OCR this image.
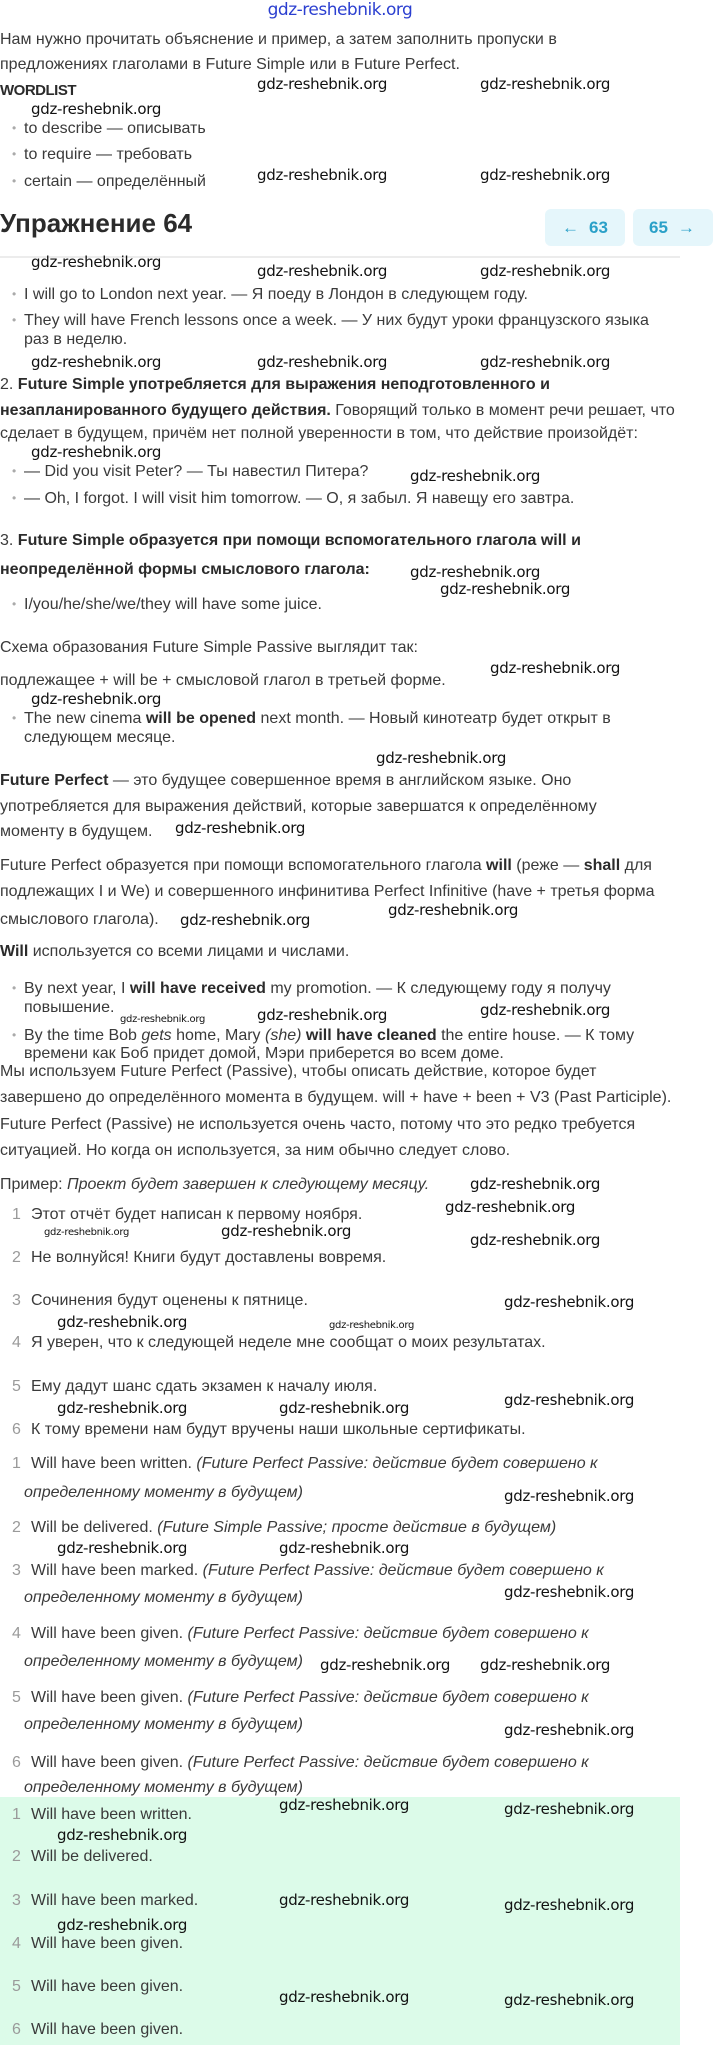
gdz-reshebnik.org
Упражнение 64	← 63 65 →
Нам нужно прочитать объяснение и пример, а затем заполнить пропуски в
предложениях глаголами в Future Simple или в Future Perfect.
WORDLIST
• to describe — описывать
• to require — требовать
• certain — определённый
• I will go to London next year. — Я поеду в Лондон в следующем году.
• They will have French lessons once a week. — У них будут уроки французского языка
раз в неделю.
2. Future Simple употребляется для выражения неподготовленного и
незапланированного будущего действия. Говорящий только в момент речи решает, что
сделает в будущем, причём нет полной уверенности в том, что действие произойдёт:
• — Did you visit Peter? — Ты навестил Питера?
• — Oh, I forgot. I will visit him tomorrow. — О, я забыл. Я навещу его завтра.
3. Future Simple образуется при помощи вспомогательного глагола will и
неопределённой формы смыслового глагола:
• I/you/he/she/we/they will have some juice.
Схема образования Future Simple Passive выглядит так:
подлежащее + will be + смысловой глагол в третьей форме.
• The new cinema will be opened next month. — Новый кинотеатр будет открыт в
следующем месяце.
Future Perfect — это будущее совершенное время в английском языке. Оно
употребляется для выражения действий, которые завершатся к определённому
моменту в будущем.
Future Perfect образуется при помощи вспомогательного глагола will (реже — shall для
подлежащих I и We) и совершенного инфинитива Perfect Infinitive (have + третья форма
смыслового глагола).
Will используется со всеми лицами и числами.
• By next year, I will have received my promotion. — К следующему году я получу
повышение.
• By the time Bob gets home, Mary (she) will have cleaned the entire house. — К тому
времени как Боб придет домой, Мэри приберется во всем доме.
Мы используем Future Perfect (Passive), чтобы описать действие, которое будет
завершено до определённого момента в будущем. will + have + been + V3 (Past Participle).
Future Perfect (Passive) не используется очень часто, потому что это редко требуется
ситуацией. Но когда он используется, за ним обычно следует слово.
Пример: Проект будет завершен к следующему месяцу.
1 Этот отчёт будет написан к первому ноября.
2 Не волнуйся! Книги будут доставлены вовремя.
3 Сочинения будут оценены к пятнице.
4 Я уверен, что к следующей неделе мне сообщат о моих результатах.
5 Ему дадут шанс сдать экзамен к началу июля.
6 К тому времени нам будут вручены наши школьные сертификаты.
1 Will have been written. (Future Perfect Passive: действие будет совершено к
определенному моменту в будущем)
2 Will be delivered. (Future Simple Passive; просте действие в будущем)
3 Will have been marked. (Future Perfect Passive: действие будет совершено к
определенному моменту в будущем)
4 Will have been given. (Future Perfect Passive: действие будет совершено к
определенному моменту в будущем)
5 Will have been given. (Future Perfect Passive: действие будет совершено к
определенному моменту в будущем)
6 Will have been given. (Future Perfect Passive: действие будет совершено к
определенному моменту в будущем)
1 Will have been written.
2 Will be delivered.
3 Will have been marked.
4 Will have been given.
5 Will have been given.
6 Will have been given.
gdz-reshebnik.org	gdz-reshebnik.org
gdz-reshebnik.org
gdz-reshebnik.org	gdz-reshebnik.org
gdz-reshebnik.org	gdz-reshebnik.org	gdz-reshebnik.org
gdz-reshebnik.org	gdz-reshebnik.org	gdz-reshebnik.org
gdz-reshebnik.org
gdz-reshebnik.org
gdz-reshebnik.org
gdz-reshebnik.org
gdz-reshebnik.org
gdz-reshebnik.org
gdz-reshebnik.org
gdz-reshebnik.org
gdz-reshebnik.org
gdz-reshebnik.org
gdz-reshebnik.org	gdz-reshebnik.org	gdz-reshebnik.org
gdz-reshebnik.org
gdz-reshebnik.org
gdz-reshebnik.org
gdz-reshebnik.org	gdz-reshebnik.org
gdz-reshebnik.org
gdz-reshebnik.org	gdz-reshebnik.org
gdz-reshebnik.org
gdz-reshebnik.org	gdz-reshebnik.org
gdz-reshebnik.org
gdz-reshebnik.org	gdz-reshebnik.org
gdz-reshebnik.org
gdz-reshebnik.org gdz-reshebnik.org
gdz-reshebnik.org
gdz-reshebnik.org	gdz-reshebnik.org
gdz-reshebnik.org
gdz-reshebnik.org	gdz-reshebnik.org
gdz-reshebnik.org
gdz-reshebnik.org	gdz-reshebnik.org
